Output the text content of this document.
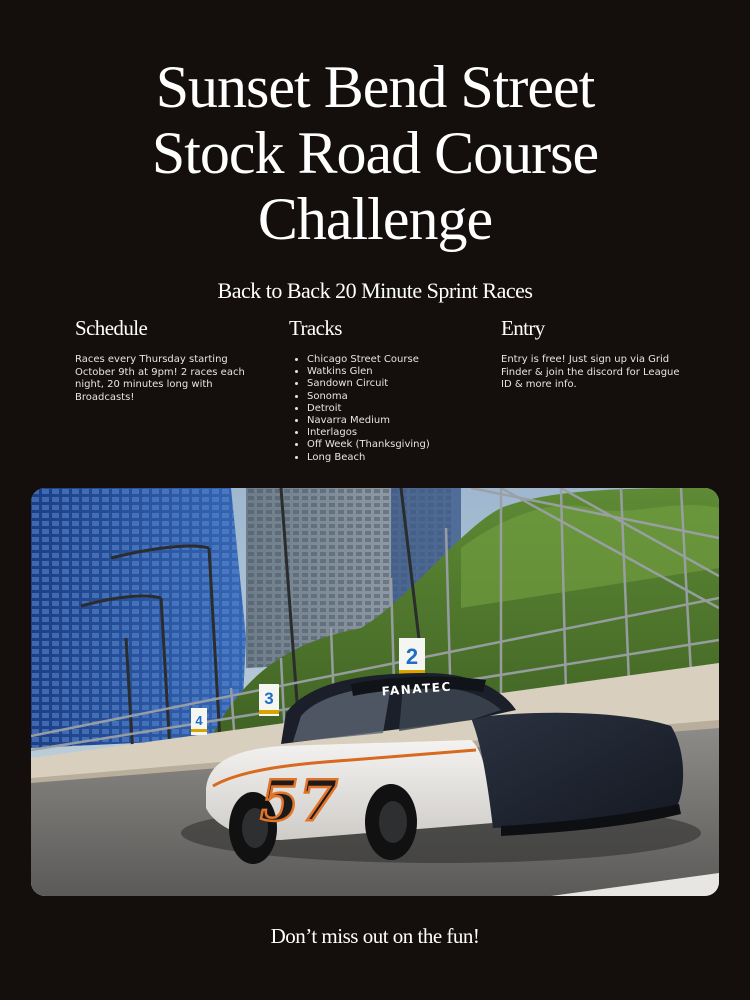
Sunset Bend Street
Stock Road Course
Challenge
Back to Back 20 Minute Sprint Races
Schedule

Races every Thursday starting October 9th at 9pm! 2 races each night, 20 minutes long with Broadcasts!

Tracks
• Chicago Street Course
• Watkins Glen
• Sandown Circuit
• Sonoma
• Detroit
• Navarra Medium
• Interlagos
• Off Week (Thanksgiving)
• Long Beach
Entry

Entry is free! Just sign up via Grid Finder & join the discord for League ID & more info.

2
3
4
57
FANATEC
Don’t miss out on the fun!
